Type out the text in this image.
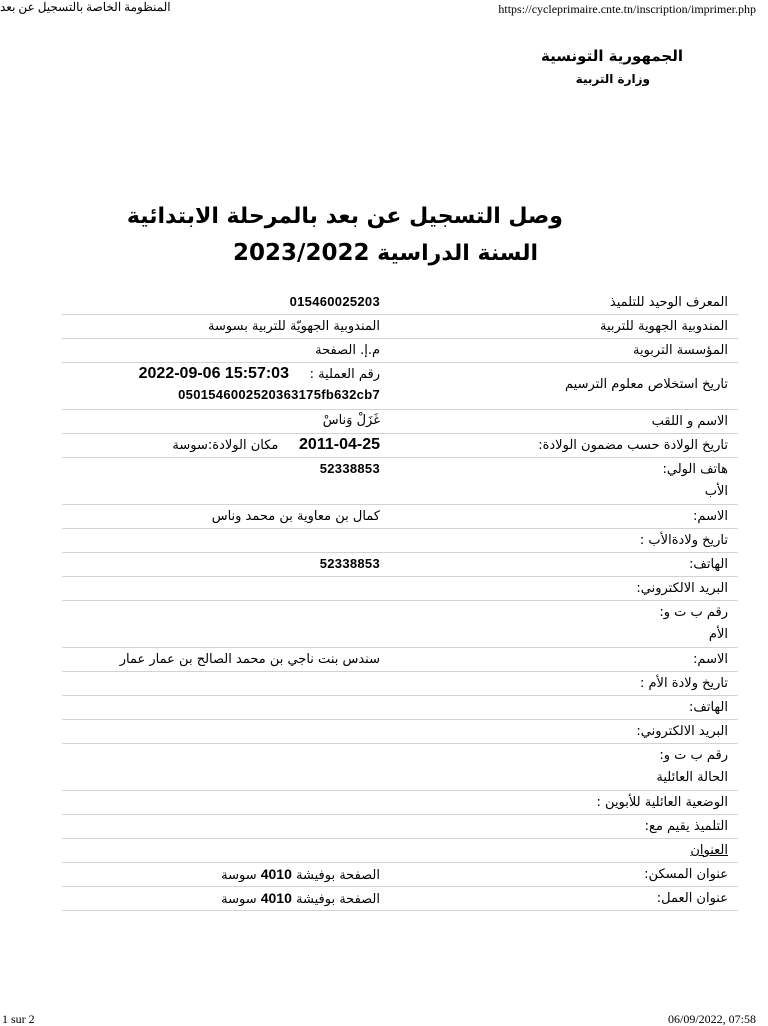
المنظومة الخاصة بالتسجيل عن بعد	https://cycleprimaire.cnte.tn/inscription/imprimer.php
1 sur 2	06/09/2022, 07:58
الجمهورية التونسية
وزارة التربية
وصل التسجيل عن بعد بالمرحلة الابتدائية
السنة الدراسية 2023/2022
المعرف الوحيد للتلميذ
015460025203
المندوبية الجهوية للتربية
المندوبية الجهويّة للتربية بسوسة
المؤسسة التربوية
م.إ. الصفحة
تاريخ استخلاص معلوم الترسيم
رقم العملية :     2022-09-06 15:57:03
0501546002520363175fb632cb7
الاسم و اللقب
غَزَلْ وَناسْ
تاريخ الولادة حسب مضمون الولادة:
2011-04-25     مكان الولادة:سوسة
هاتف الولي:
52338853
الأب
الاسم:
كمال بن معاوية بن محمد وناس
تاريخ ولادةالأب :
الهاتف:
52338853
البريد الالكتروني:
رقم ب ت و:
الأم
الاسم:
سندس بنت ناجي بن محمد الصالح بن عمار عمار
تاريخ ولادة الأم :
الهاتف:
البريد الالكتروني:
رقم ب ت و:
الحالة العائلية
الوضعية العائلية للأبوين :
التلميذ يقيم مع:
العنوان
عنوان المسكن:
الصفحة بوفيشة 4010 سوسة
عنوان العمل:
الصفحة بوفيشة 4010 سوسة
